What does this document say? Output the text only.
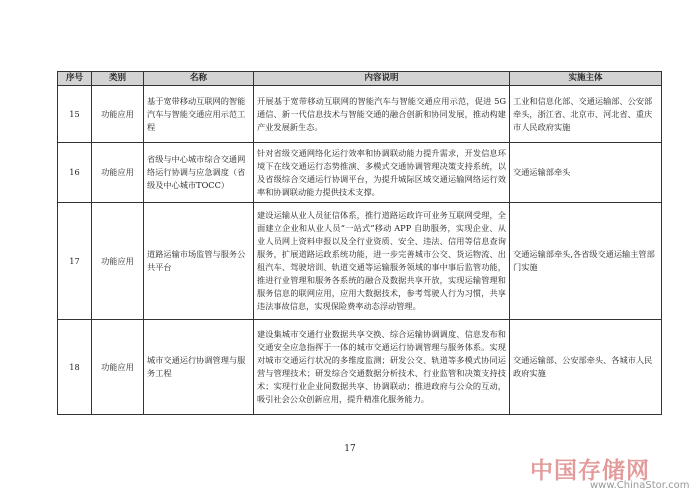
序号	类别	名称	内容说明	实施主体
15	功能应用	基于宽带移动互联网的智能汽车与智能交通应用示范工程	开展基于宽带移动互联网的智能汽车与智能交通应用示范，促进 5G 通信、新一代信息技术与智能交通的融合创新和协同发展，推动构建产业发展新生态。	工业和信息化部、交通运输部、公安部牵头，浙江省、北京市、河北省、重庆市人民政府实施
16	功能应用	省级与中心城市综合交通网络运行协调与应急调度（省级及中心城市TOCC）	针对省级交通网络化运行效率和协调联动能力提升需求，开发信息环境下在线交通运行态势推演、多模式交通协调管理决策支持系统，以及省级综合交通运行协调平台，为提升城际区域交通运输网络运行效率和协调联动能力提供技术支撑。	交通运输部牵头
17	功能应用	道路运输市场监管与服务公共平台	建设运输从业人员征信体系，推行道路运政许可业务互联网受理，全面建立企业和从业人员“一站式”移动 APP 自助服务，实现企业、从业人员网上资料申报以及全行业资质、安全、违法、信用等信息查询服务，扩展道路运政系统功能，进一步完善城市公交、货运物流、出租汽车、驾驶培训、轨道交通等运输服务领域的事中事后监管功能，推进行业管理和服务各系统的融合及数据共享开放，实现运输管理和服务信息的联网应用，应用大数据技术，参考驾驶人行为习惯，共享违法事故信息，实现保险费率动态浮动管理。	交通运输部牵头,各省级交通运输主管部门实施
18	功能应用	城市交通运行协调管理与服务工程	建设集城市交通行业数据共享交换、综合运输协调调度、信息发布和交通安全应急指挥于一体的城市交通运行协调管理与服务体系。实现对城市交通运行状况的多维度监测；研发公交、轨道等多模式协同运营与管理技术；研发综合交通数据分析技术、行业监管和决策支持技术；实现行业企业间数据共享、协调联动；推进政府与公众的互动，吸引社会公众创新应用，提升精准化服务能力。	交通运输部、公安部牵头、各城市人民政府实施
17
中国存储网
www.ChinaStor.com
